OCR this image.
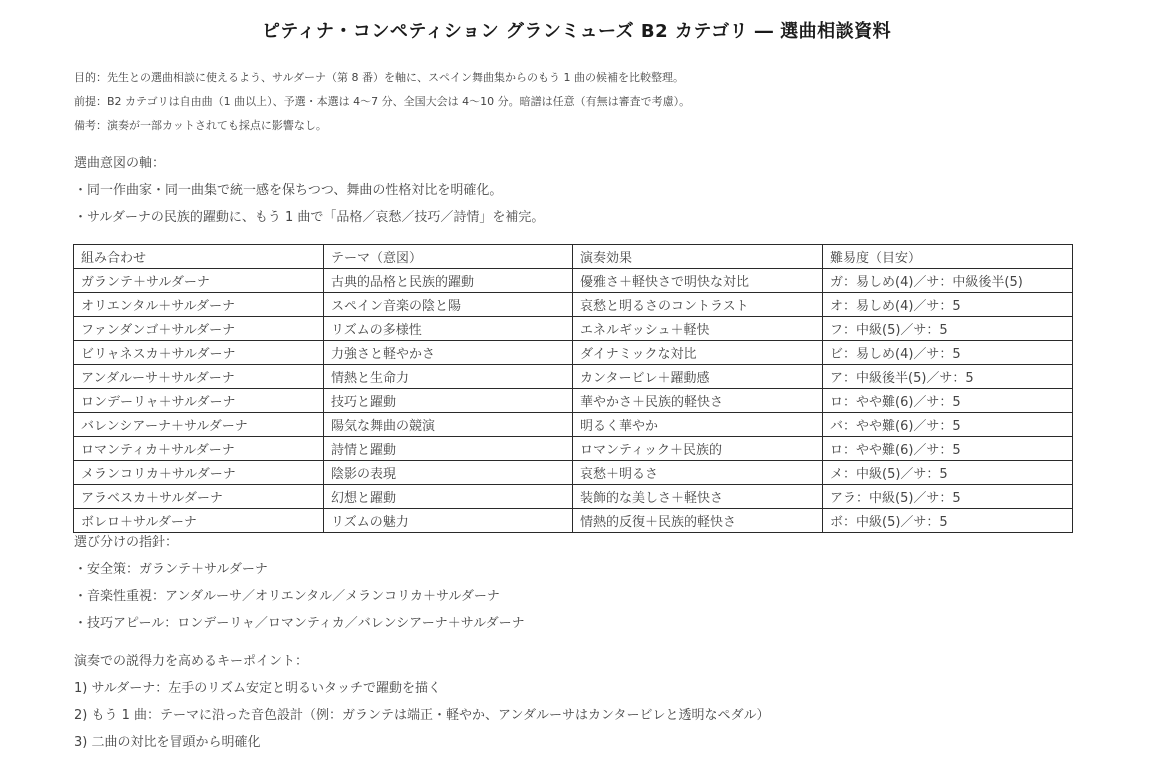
ピティナ・コンペティション グランミューズ B2 カテゴリ ― 選曲相談資料
目的：先生との選曲相談に使えるよう、サルダーナ（第 8 番）を軸に、スペイン舞曲集からのもう 1 曲の候補を比較整理。
前提：B2 カテゴリは自由曲（1 曲以上）、予選・本選は 4〜7 分、全国大会は 4〜10 分。暗譜は任意（有無は審査で考慮）。
備考：演奏が一部カットされても採点に影響なし。
選曲意図の軸：
・同一作曲家・同一曲集で統一感を保ちつつ、舞曲の性格対比を明確化。
・サルダーナの民族的躍動に、もう 1 曲で「品格／哀愁／技巧／詩情」を補完。
組み合わせ	テーマ（意図）	演奏効果	難易度（目安）
ガランテ＋サルダーナ	古典的品格と民族的躍動	優雅さ＋軽快さで明快な対比	ガ：易しめ(4)／サ：中級後半(5)
オリエンタル＋サルダーナ	スペイン音楽の陰と陽	哀愁と明るさのコントラスト	オ：易しめ(4)／サ：5
ファンダンゴ＋サルダーナ	リズムの多様性	エネルギッシュ＋軽快	フ：中級(5)／サ：5
ビリャネスカ＋サルダーナ	力強さと軽やかさ	ダイナミックな対比	ビ：易しめ(4)／サ：5
アンダルーサ＋サルダーナ	情熱と生命力	カンタービレ＋躍動感	ア：中級後半(5)／サ：5
ロンデーリャ＋サルダーナ	技巧と躍動	華やかさ＋民族的軽快さ	ロ：やや難(6)／サ：5
バレンシアーナ＋サルダーナ	陽気な舞曲の競演	明るく華やか	バ：やや難(6)／サ：5
ロマンティカ＋サルダーナ	詩情と躍動	ロマンティック＋民族的	ロ：やや難(6)／サ：5
メランコリカ＋サルダーナ	陰影の表現	哀愁＋明るさ	メ：中級(5)／サ：5
アラベスカ＋サルダーナ	幻想と躍動	装飾的な美しさ＋軽快さ	アラ：中級(5)／サ：5
ボレロ＋サルダーナ	リズムの魅力	情熱的反復＋民族的軽快さ	ボ：中級(5)／サ：5
選び分けの指針：
・安全策：ガランテ＋サルダーナ
・音楽性重視：アンダルーサ／オリエンタル／メランコリカ＋サルダーナ
・技巧アピール：ロンデーリャ／ロマンティカ／バレンシアーナ＋サルダーナ
演奏での説得力を高めるキーポイント：
1) サルダーナ：左手のリズム安定と明るいタッチで躍動を描く
2) もう 1 曲：テーマに沿った音色設計（例：ガランテは端正・軽やか、アンダルーサはカンタービレと透明なペダル）
3) 二曲の対比を冒頭から明確化
